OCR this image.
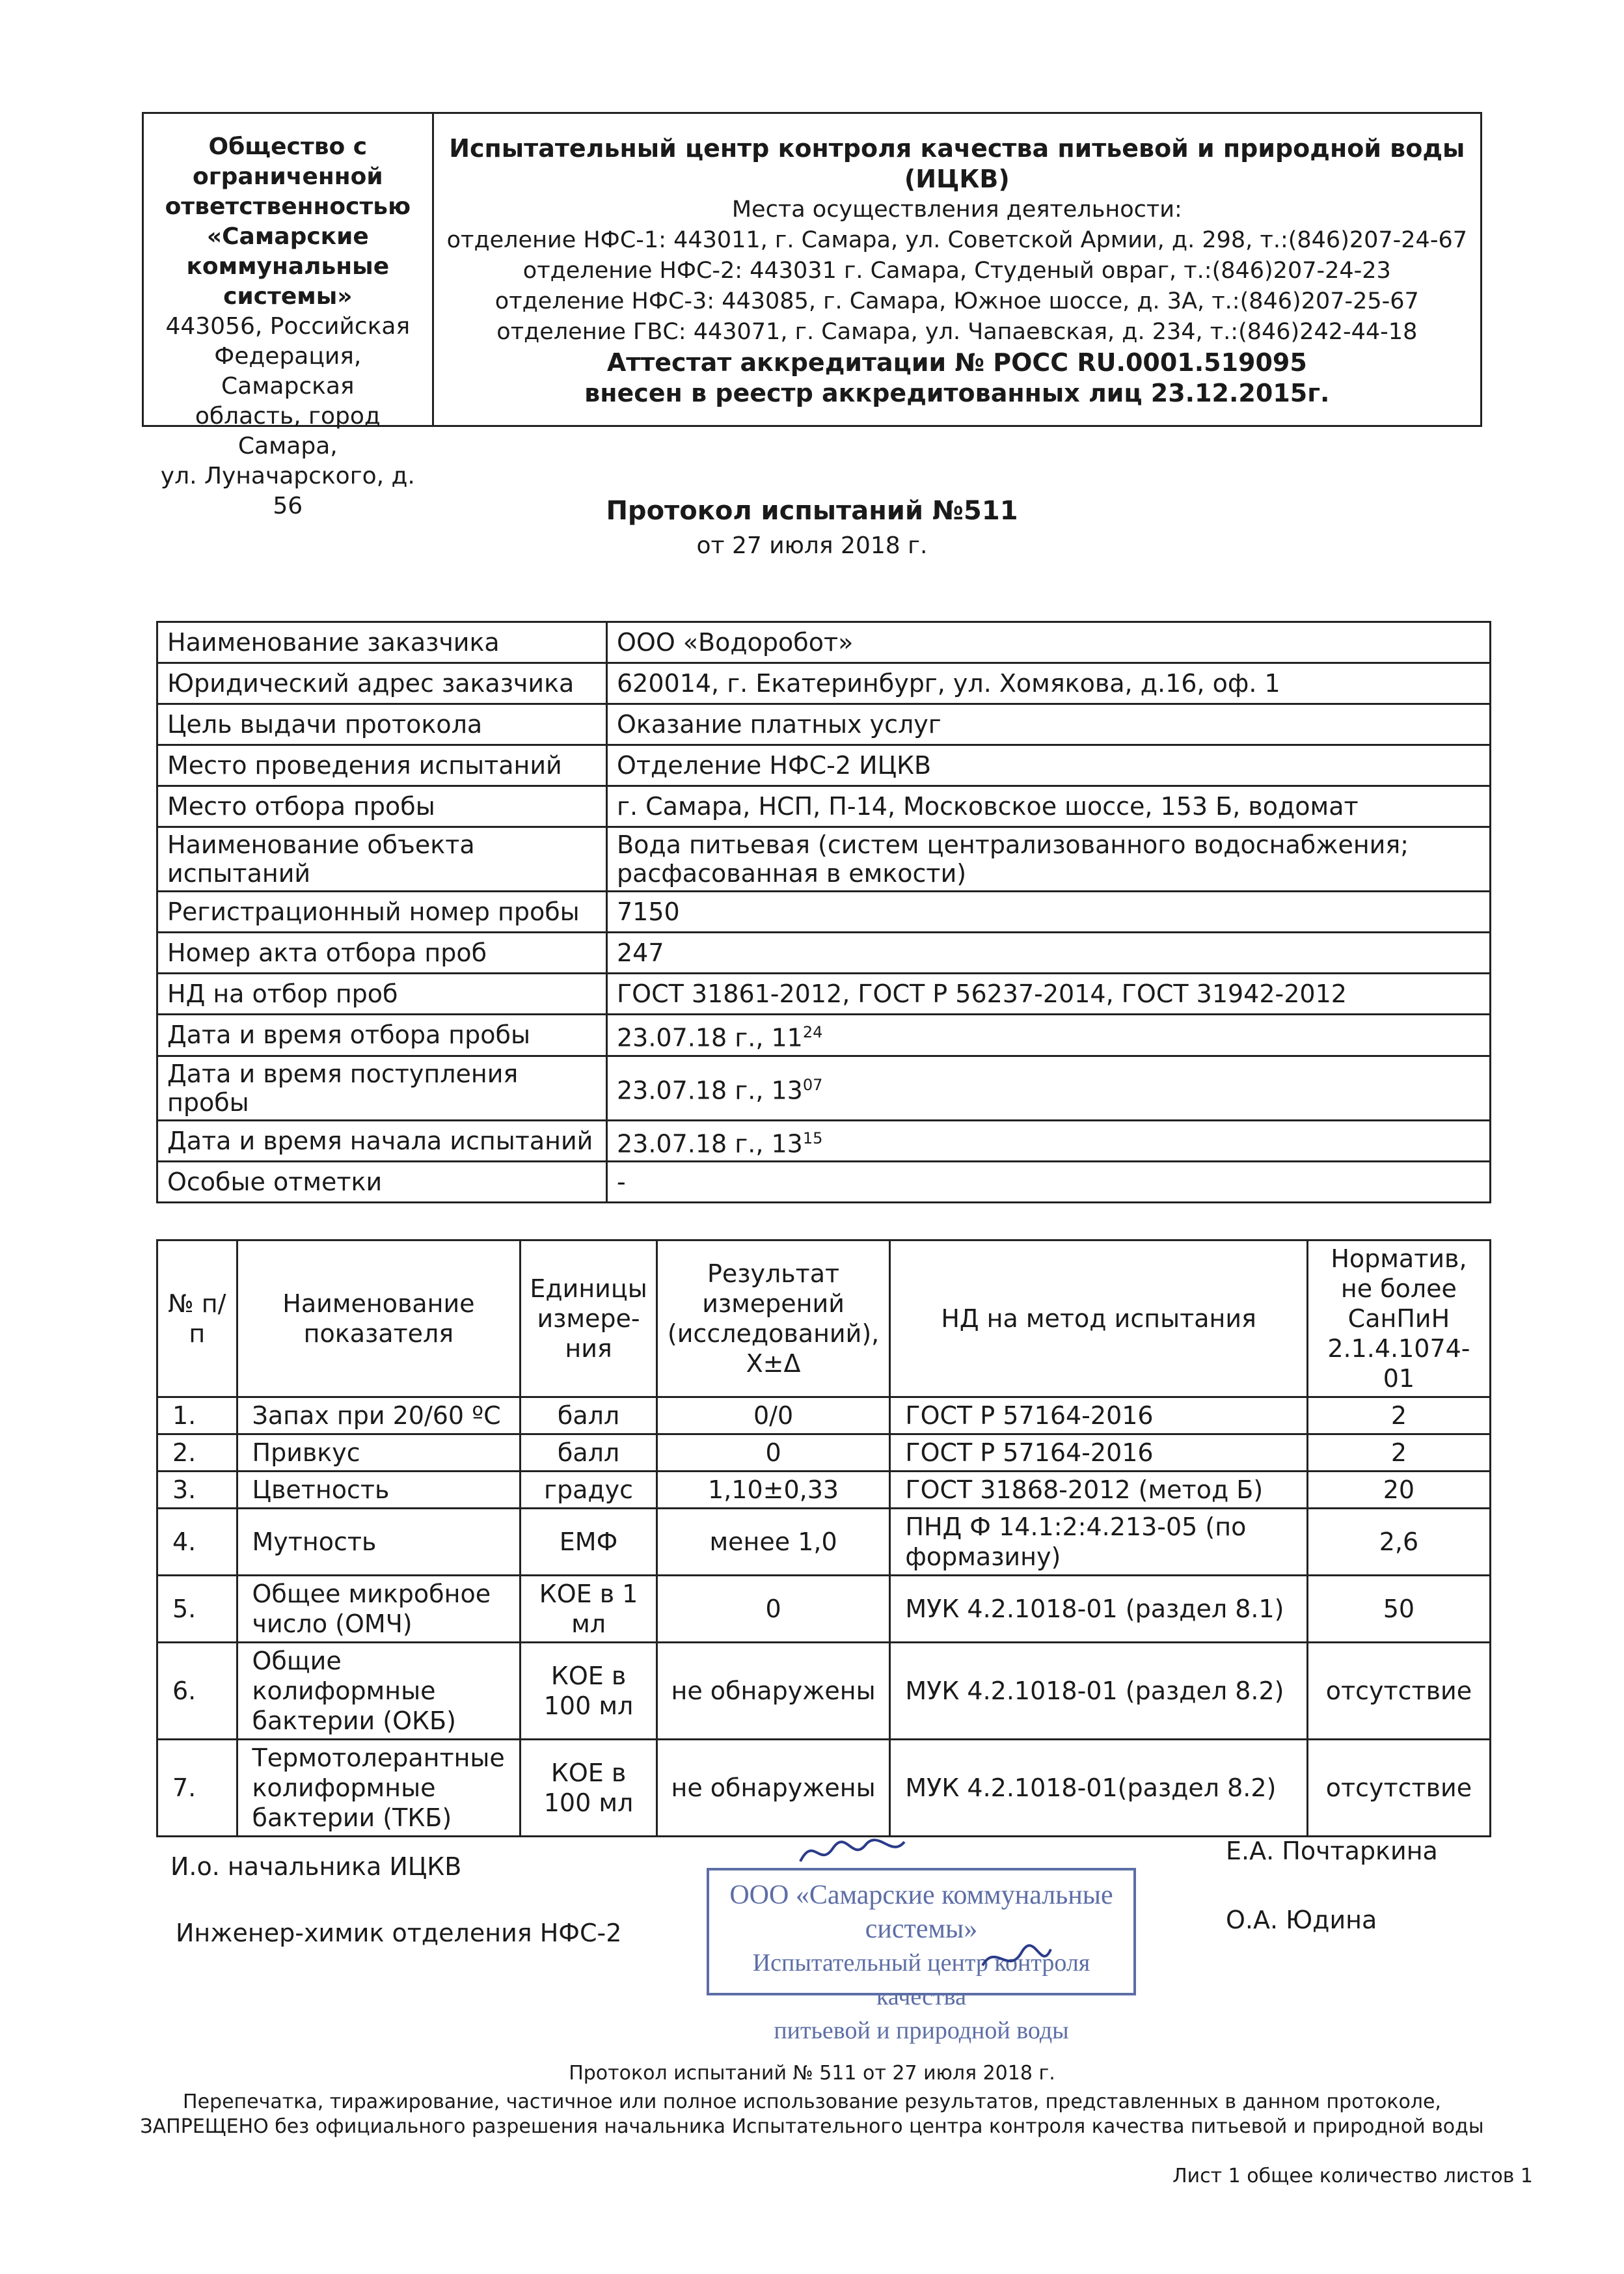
Общество с
ограниченной
ответственностью
«Самарские
коммунальные
системы»
443056, Российская
Федерация, Самарская
область, город Самара,
ул. Луначарского, д. 56
Испытательный центр контроля качества питьевой и природной воды
(ИЦКВ)
Места осуществления деятельности:
отделение НФС-1: 443011, г. Самара, ул. Советской Армии, д. 298, т.:(846)207-24-67
отделение НФС-2: 443031 г. Самара, Студеный овраг, т.:(846)207-24-23
отделение НФС-3: 443085, г. Самара, Южное шоссе, д. 3А, т.:(846)207-25-67
отделение ГВС: 443071, г. Самара, ул. Чапаевская, д. 234, т.:(846)242-44-18
Аттестат аккредитации № РОСС RU.0001.519095
внесен в реестр аккредитованных лиц 23.12.2015г.
Протокол испытаний №511
от 27 июля 2018 г.
Наименование заказчика	ООО «Водоробот»
Юридический адрес заказчика	620014, г. Екатеринбург, ул. Хомякова, д.16, оф. 1
Цель выдачи протокола	Оказание платных услуг
Место проведения испытаний	Отделение НФС-2 ИЦКВ
Место отбора пробы	г. Самара, НСП, П-14, Московское шоссе, 153 Б, водомат
Наименование объекта испытаний	Вода питьевая (систем централизованного водоснабжения; расфасованная в емкости)
Регистрационный номер пробы	7150
Номер акта отбора проб	247
НД на отбор проб	ГОСТ 31861-2012, ГОСТ Р 56237-2014, ГОСТ 31942-2012
Дата и время отбора пробы	23.07.18 г., $11^{24}$
Дата и время поступления пробы	23.07.18 г., $13^{07}$
Дата и время начала испытаний	23.07.18 г., $13^{15}$
Особые отметки	-
№ п/п	Наименование показателя	Единицы измере-ния	Результат измерений (исследований), Х±Δ	НД на метод испытания	Норматив, не более СанПиН 2.1.4.1074-01
1.	Запах при 20/60 ºС	балл	0/0	ГОСТ Р 57164-2016	2
2.	Привкус	балл	0	ГОСТ Р 57164-2016	2
3.	Цветность	градус	1,10±0,33	ГОСТ 31868-2012 (метод Б)	20
4.	Мутность	ЕМФ	менее 1,0	ПНД Ф 14.1:2:4.213-05 (по формазину)	2,6
5.	Общее микробное число (ОМЧ)	КОЕ в 1 мл	0	МУК 4.2.1018-01 (раздел 8.1)	50
6.	Общие колиформные бактерии (ОКБ)	КОЕ в 100 мл	не обнаружены	МУК 4.2.1018-01 (раздел 8.2)	отсутствие
7.	Термотолерантные колиформные бактерии (ТКБ)	КОЕ в 100 мл	не обнаружены	МУК 4.2.1018-01(раздел 8.2)	отсутствие
И.о. начальника ИЦКВ
Е.А. Почтаркина
Инженер-химик отделения НФС-2	О.А. Юдина
ООО «Самарские коммунальные системы»
Испытательный центр контроля качества
питьевой и природной воды
Протокол испытаний № 511 от 27 июля 2018 г.
Перепечатка, тиражирование, частичное или полное использование результатов, представленных в данном протоколе,
ЗАПРЕЩЕНО без официального разрешения начальника Испытательного центра контроля качества питьевой и природной воды
Лист 1 общее количество листов 1
